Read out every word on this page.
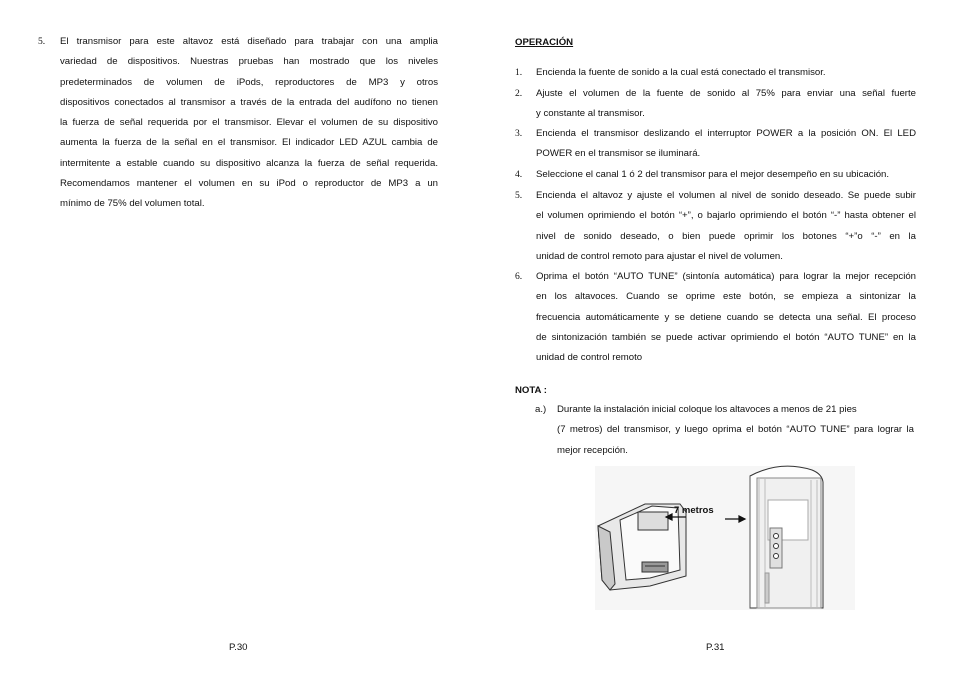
5. El transmisor para este altavoz está diseñado para trabajar con una amplia
variedad de dispositivos. Nuestras pruebas han mostrado que los niveles
predeterminados de volumen de iPods, reproductores de MP3 y otros
dispositivos conectados al transmisor a través de la entrada del audífono no tienen
la fuerza de señal requerida por el transmisor. Elevar el volumen de su dispositivo
aumenta la fuerza de la señal en el transmisor. El indicador LED AZUL cambia de
intermitente a estable cuando su dispositivo alcanza la fuerza de señal requerida.
Recomendamos mantener el volumen en su iPod o reproductor de MP3 a un
mínimo de 75% del volumen total.
P.30
OPERACIÓN
1. Encienda la fuente de sonido a la cual está conectado el transmisor.
2. Ajuste el volumen de la fuente de sonido al 75% para enviar una señal fuerte
y constante al transmisor.
3. Encienda el transmisor deslizando el interruptor POWER a la posición ON. El LED
POWER en el transmisor se iluminará.
4. Seleccione el canal 1 ó 2 del transmisor para el mejor desempeño en su ubicación.
5. Encienda el altavoz y ajuste el volumen al nivel de sonido deseado. Se puede subir
el volumen oprimiendo el botón “+”, o bajarlo oprimiendo el botón “-” hasta obtener el
nivel de sonido deseado, o bien puede oprimir los botones “+”o “-” en la
unidad de control remoto para ajustar el nivel de volumen.
6. Oprima el botón “AUTO TUNE” (sintonía automática) para lograr la mejor recepción
en los altavoces. Cuando se oprime este botón, se empieza a sintonizar la
frecuencia automáticamente y se detiene cuando se detecta una señal. El proceso
de sintonización también se puede activar oprimiendo el botón “AUTO TUNE” en la
unidad de control remoto
NOTA :
a.) Durante la instalación inicial coloque los altavoces a menos de 21 pies
(7 metros) del transmisor, y luego oprima el botón “AUTO TUNE” para lograr la
mejor recepción.
7 metros
P.31
